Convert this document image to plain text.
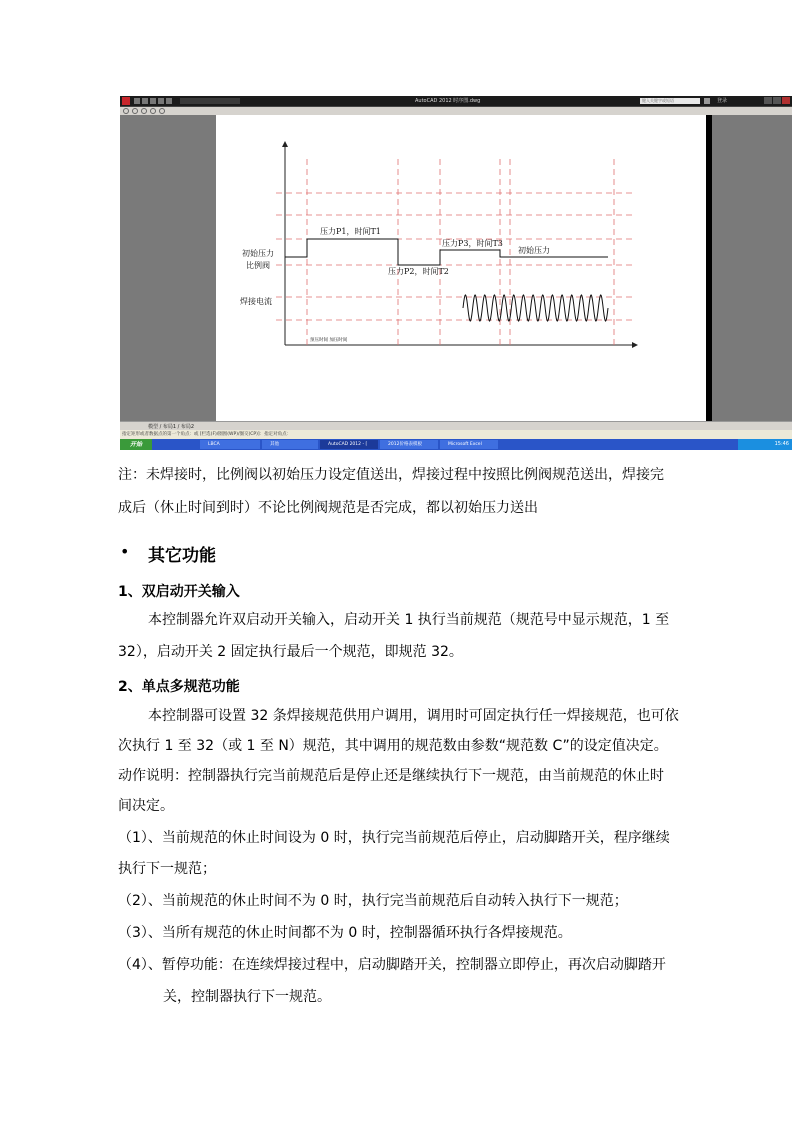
AutoCAD 2012 时序图.dwg	键入关键字或短语	登录
初始压力
比例阀
焊接电流
压力P1，时间T1
压力P2，时间T2
压力P3，时间T3
初始压力
预压时间 加压时间
模型 / 布局1 / 布局2
指定矩形或者数据点的第一个角点：或 [栏选(F)/圈围(WP)/圈交(CP)]：指定对角点：
开始	LBCA	其他	AutoCAD 2012 - [	2012价格表模板	Microsoft Excel	15:46
注：未焊接时，比例阀以初始压力设定值送出，焊接过程中按照比例阀规范送出，焊接完
成后（休止时间到时）不论比例阀规范是否完成，都以初始压力送出
• 其它功能
1、双启动开关输入
本控制器允许双启动开关输入，启动开关 1 执行当前规范（规范号中显示规范，1 至
32），启动开关 2 固定执行最后一个规范，即规范 32。
2、单点多规范功能
本控制器可设置 32 条焊接规范供用户调用，调用时可固定执行任一焊接规范，也可依
次执行 1 至 32（或 1 至 N）规范，其中调用的规范数由参数“规范数 C”的设定值决定。
动作说明：控制器执行完当前规范后是停止还是继续执行下一规范，由当前规范的休止时
间决定。
（1）、当前规范的休止时间设为 0 时，执行完当前规范后停止，启动脚踏开关，程序继续
执行下一规范；
（2）、当前规范的休止时间不为 0 时，执行完当前规范后自动转入执行下一规范；
（3）、当所有规范的休止时间都不为 0 时，控制器循环执行各焊接规范。
（4）、暂停功能：在连续焊接过程中，启动脚踏开关，控制器立即停止，再次启动脚踏开
关，控制器执行下一规范。
